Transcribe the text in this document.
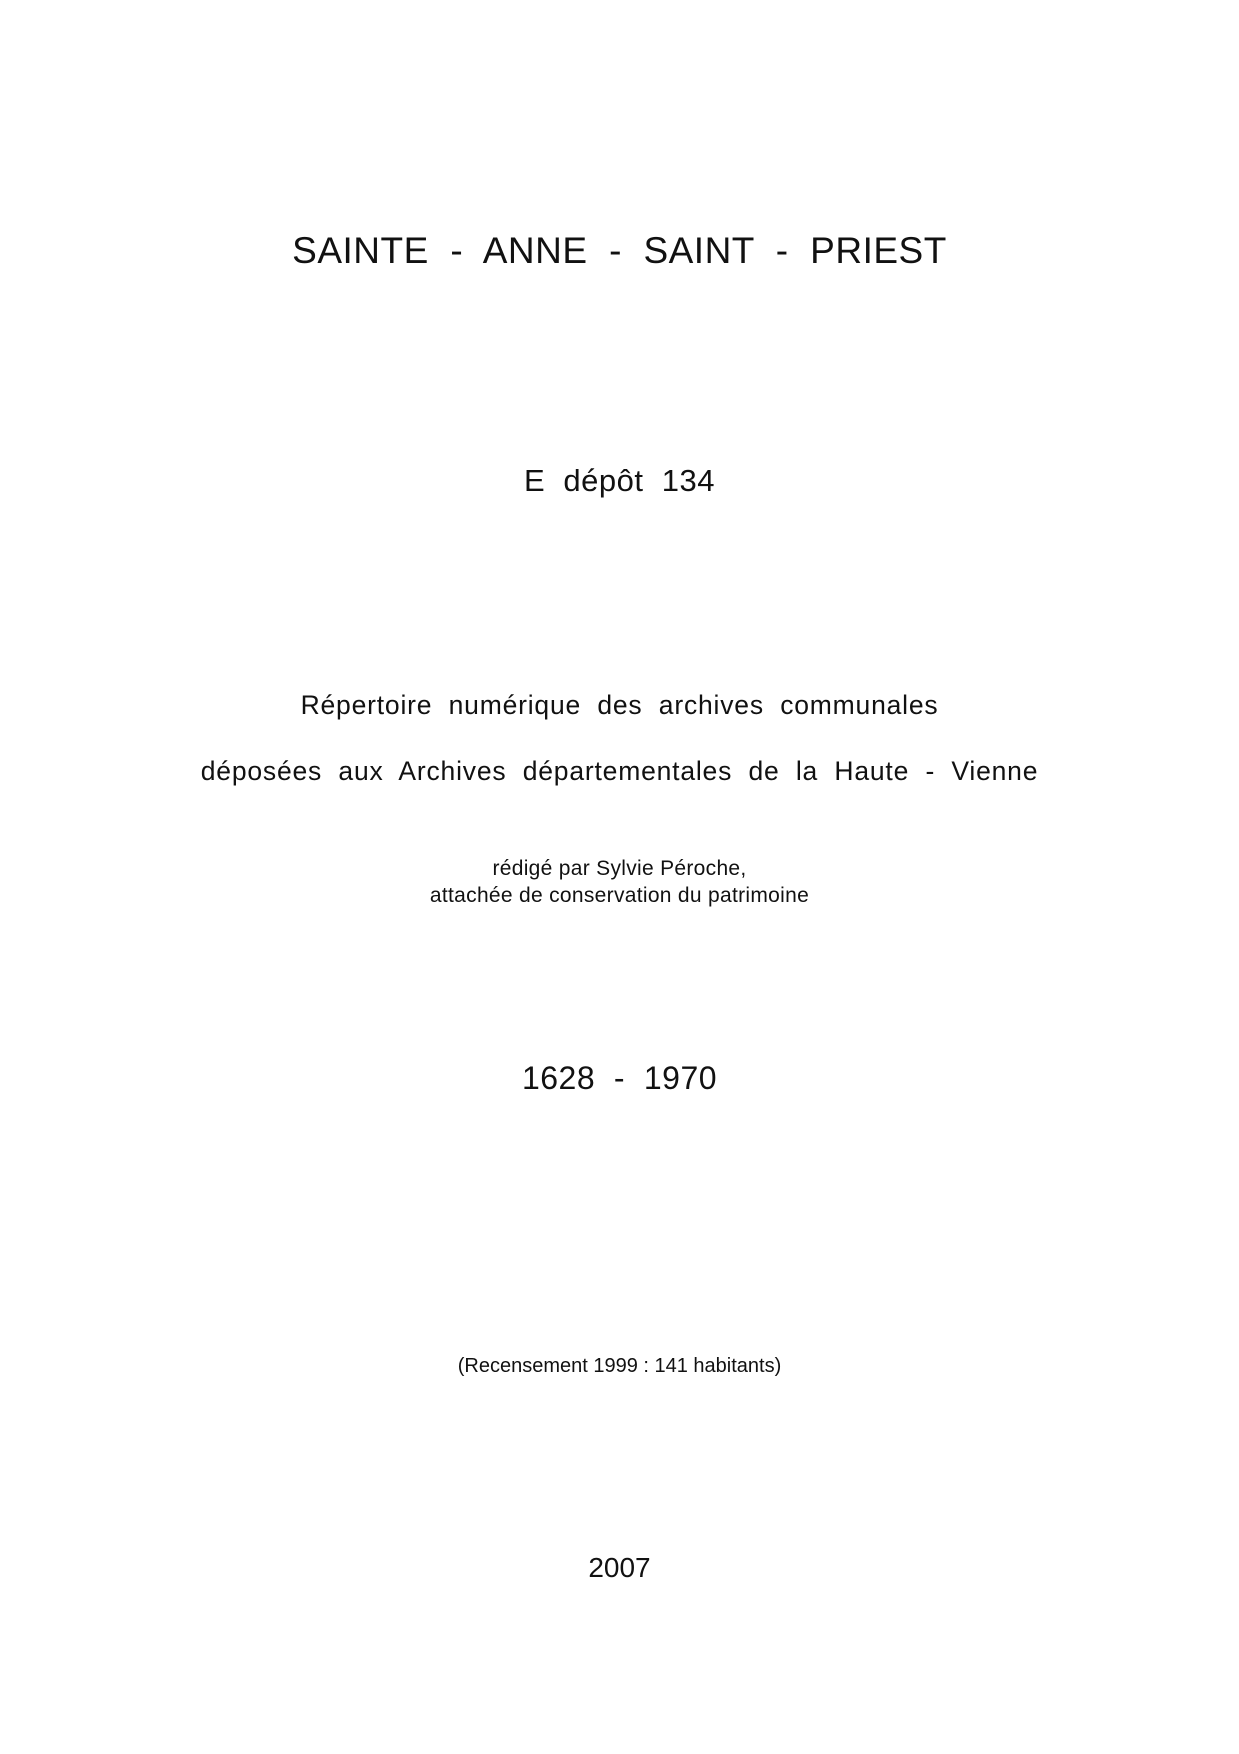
SAINTE  -  ANNE  -  SAINT  -  PRIEST

E  dépôt  134

Répertoire  numérique  des  archives  communales

déposées  aux  Archives  départementales  de  la  Haute  -  Vienne

rédigé par Sylvie Péroche,

attachée de conservation du patrimoine

1628  -  1970

(Recensement 1999 : 141 habitants)

2007
